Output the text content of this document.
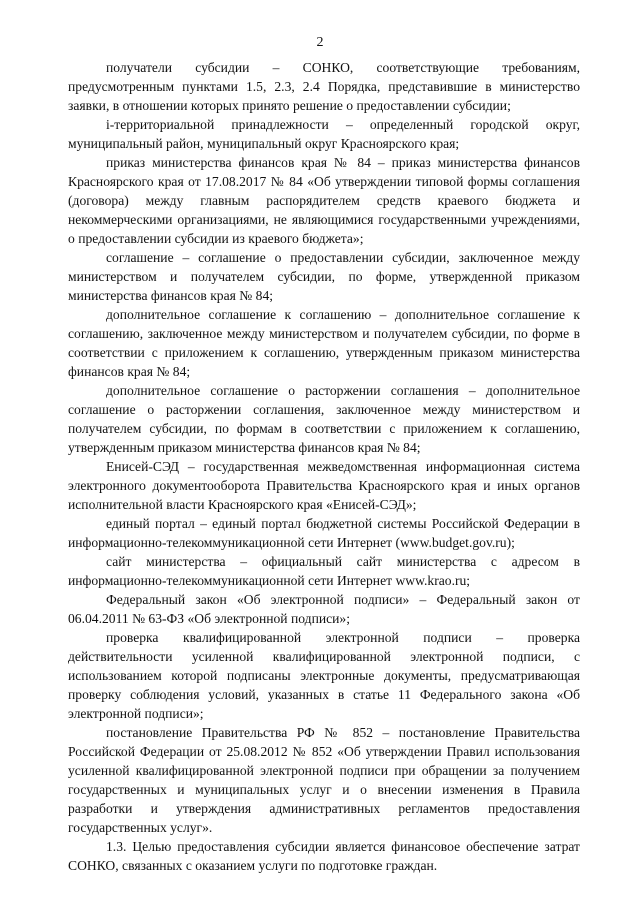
2

получатели субсидии – СОНКО, соответствующие требованиям, предусмотренным пунктами 1.5, 2.3, 2.4 Порядка, представившие в министерство заявки, в отношении которых принято решение о предоставлении субсидии;

i-территориальной принадлежности – определенный городской округ, муниципальный район, муниципальный округ Красноярского края;

приказ министерства финансов края № 84 – приказ министерства финансов Красноярского края от 17.08.2017 № 84 «Об утверждении типовой формы соглашения (договора) между главным распорядителем средств краевого бюджета и некоммерческими организациями, не являющимися государственными учреждениями, о предоставлении субсидии из краевого бюджета»;

соглашение – соглашение о предоставлении субсидии, заключенное между министерством и получателем субсидии, по форме, утвержденной приказом министерства финансов края № 84;

дополнительное соглашение к соглашению – дополнительное соглашение к соглашению, заключенное между министерством и получателем субсидии, по форме в соответствии с приложением к соглашению, утвержденным приказом министерства финансов края № 84;

дополнительное соглашение о расторжении соглашения – дополнительное соглашение о расторжении соглашения, заключенное между министерством и получателем субсидии, по формам в соответствии с приложением к соглашению, утвержденным приказом министерства финансов края № 84;

Енисей-СЭД – государственная межведомственная информационная система электронного документооборота Правительства Красноярского края и иных органов исполнительной власти Красноярского края «Енисей-СЭД»;

единый портал – единый портал бюджетной системы Российской Федерации в информационно-телекоммуникационной сети Интернет (www.budget.gov.ru);

сайт министерства – официальный сайт министерства с адресом в информационно-телекоммуникационной сети Интернет www.krao.ru;

Федеральный закон «Об электронной подписи» – Федеральный закон от 06.04.2011 № 63-ФЗ «Об электронной подписи»;

проверка квалифицированной электронной подписи – проверка действительности усиленной квалифицированной электронной подписи, с использованием которой подписаны электронные документы, предусматривающая проверку соблюдения условий, указанных в статье 11 Федерального закона «Об электронной подписи»;

постановление Правительства РФ № 852 – постановление Правительства Российской Федерации от 25.08.2012 № 852 «Об утверждении Правил использования усиленной квалифицированной электронной подписи при обращении за получением государственных и муниципальных услуг и о внесении изменения в Правила разработки и утверждения административных регламентов предоставления государственных услуг».

1.3. Целью предоставления субсидии является финансовое обеспечение затрат СОНКО, связанных с оказанием услуги по подготовке граждан.
